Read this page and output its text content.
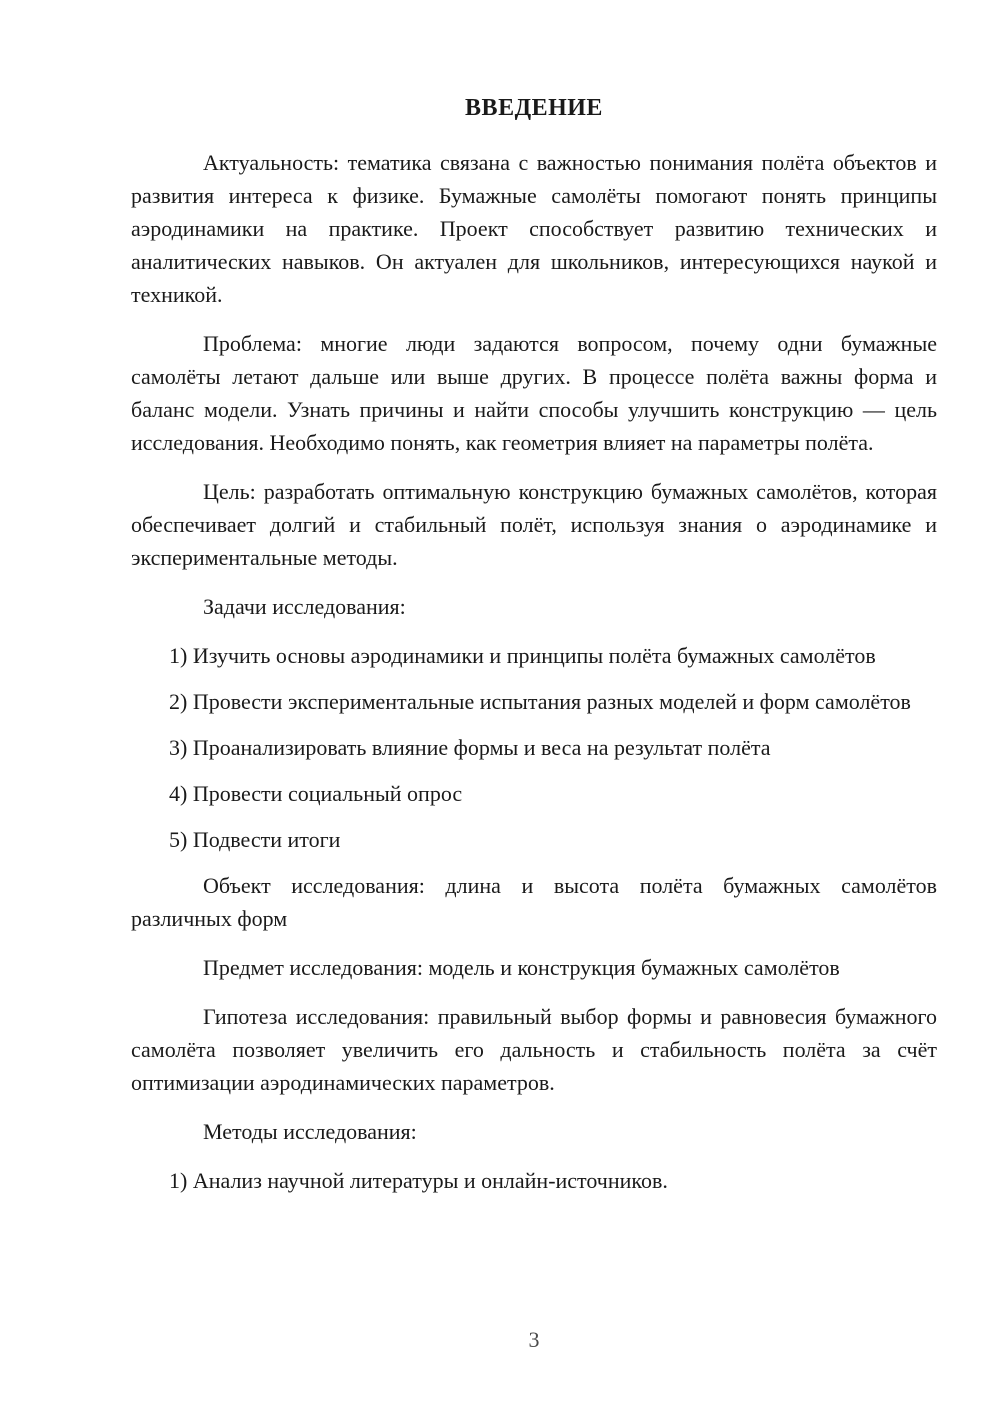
ВВЕДЕНИЕ

Актуальность: тематика связана с важностью понимания полёта объектов и развития интереса к физике. Бумажные самолёты помогают понять принципы аэродинамики на практике. Проект способствует развитию технических и аналитических навыков. Он актуален для школьников, интересующихся наукой и техникой.

Проблема: многие люди задаются вопросом, почему одни бумажные самолёты летают дальше или выше других. В процессе полёта важны форма и баланс модели. Узнать причины и найти способы улучшить конструкцию — цель исследования. Необходимо понять, как геометрия влияет на параметры полёта.

Цель: разработать оптимальную конструкцию бумажных самолётов, которая обеспечивает долгий и стабильный полёт, используя знания о аэродинамике и экспериментальные методы.

Задачи исследования:

1) Изучить основы аэродинамики и принципы полёта бумажных самолётов

2) Провести экспериментальные испытания разных моделей и форм самолётов

3) Проанализировать влияние формы и веса на результат полёта

4) Провести социальный опрос

5) Подвести итоги

Объект исследования: длина и высота полёта бумажных самолётов различных форм

Предмет исследования: модель и конструкция бумажных самолётов

Гипотеза исследования: правильный выбор формы и равновесия бумажного самолёта позволяет увеличить его дальность и стабильность полёта за счёт оптимизации аэродинамических параметров.

Методы исследования:

1) Анализ научной литературы и онлайн-источников.

3
